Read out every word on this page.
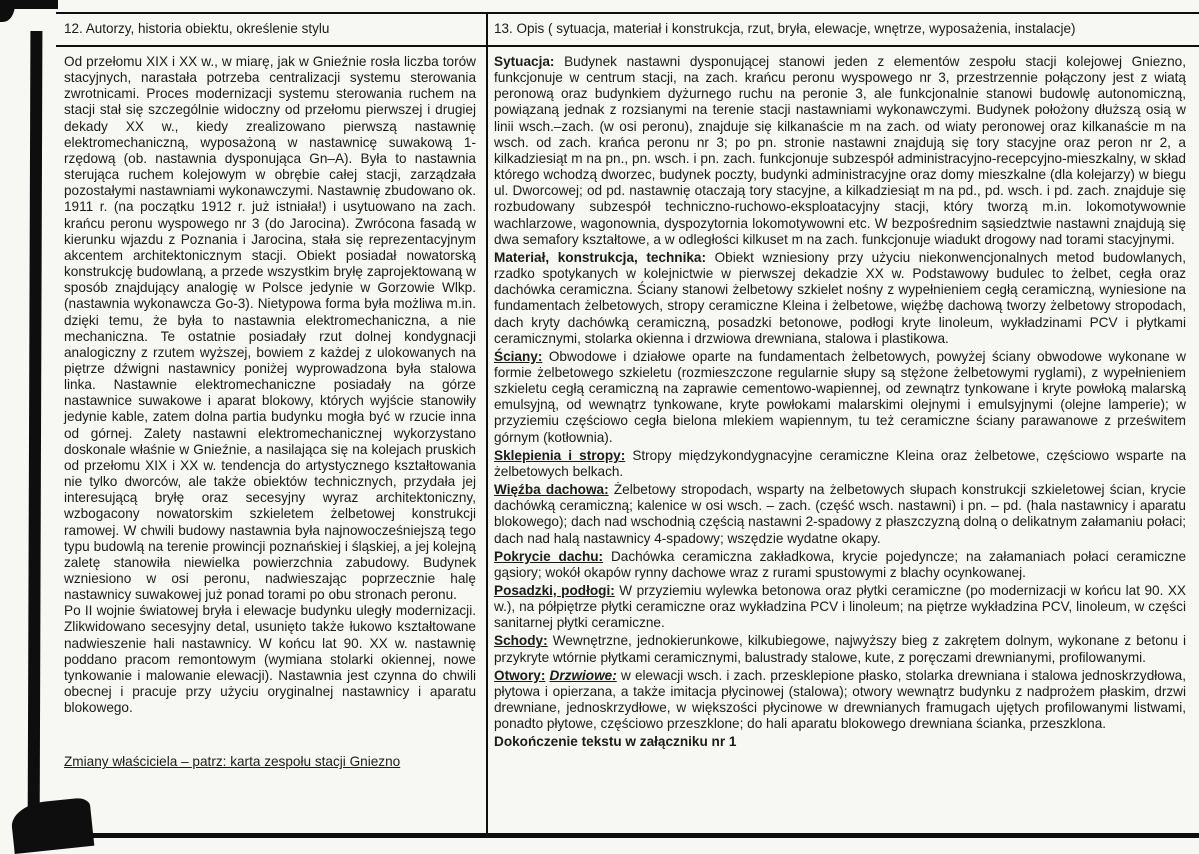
12. Autorzy, historia obiektu, określenie stylu	13. Opis ( sytuacja, materiał i konstrukcja, rzut, bryła, elewacje, wnętrze, wyposażenia, instalacje)

Od przełomu XIX i XX w., w miarę, jak w Gnieźnie rosła liczba torów stacyjnych, narastała potrzeba centralizacji systemu sterowania zwrotnicami. Proces modernizacji systemu sterowania ruchem na stacji stał się szczególnie widoczny od przełomu pierwszej i drugiej dekady XX w., kiedy zrealizowano pierwszą nastawnię elektromechaniczną, wyposażoną w nastawnicę suwakową 1-rzędową (ob. nastawnia dysponująca Gn–A). Była to nastawnia sterująca ruchem kolejowym w obrębie całej stacji, zarządzała pozostałymi nastawniami wykonawczymi. Nastawnię zbudowano ok. 1911 r. (na początku 1912 r. już istniała!) i usytuowano na zach. krańcu peronu wyspowego nr 3 (do Jarocina). Zwrócona fasadą w kierunku wjazdu z Poznania i Jarocina, stała się reprezentacyjnym akcentem architektonicznym stacji. Obiekt posiadał nowatorską konstrukcję budowlaną, a przede wszystkim bryłę zaprojektowaną w sposób znajdujący analogię w Polsce jedynie w Gorzowie Wlkp. (nastawnia wykonawcza Go-3). Nietypowa forma była możliwa m.in. dzięki temu, że była to nastawnia elektromechaniczna, a nie mechaniczna. Te ostatnie posiadały rzut dolnej kondygnacji analogiczny z rzutem wyższej, bowiem z każdej z ulokowanych na piętrze dźwigni nastawnicy poniżej wyprowadzona była stalowa linka. Nastawnie elektromechaniczne posiadały na górze nastawnice suwakowe i aparat blokowy, których wyjście stanowiły jedynie kable, zatem dolna partia budynku mogła być w rzucie inna od górnej. Zalety nastawni elektromechanicznej wykorzystano doskonale właśnie w Gnieźnie, a nasilająca się na kolejach pruskich od przełomu XIX i XX w. tendencja do artystycznego kształtowania nie tylko dworców, ale także obiektów technicznych, przydała jej interesującą bryłę oraz secesyjny wyraz architektoniczny, wzbogacony nowatorskim szkieletem żelbetowej konstrukcji ramowej. W chwili budowy nastawnia była najnowocześniejszą tego typu budowlą na terenie prowincji poznańskiej i śląskiej, a jej kolejną zaletę stanowiła niewielka powierzchnia zabudowy. Budynek wzniesiono w osi peronu, nadwieszając poprzecznie halę nastawnicy suwakowej już ponad torami po obu stronach peronu.

Po II wojnie światowej bryła i elewacje budynku uległy modernizacji. Zlikwidowano secesyjny detal, usunięto także łukowo kształtowane nadwieszenie hali nastawnicy. W końcu lat 90. XX w. nastawnię poddano pracom remontowym (wymiana stolarki okiennej, nowe tynkowanie i malowanie elewacji). Nastawnia jest czynna do chwili obecnej i pracuje przy użyciu oryginalnej nastawnicy i aparatu blokowego.

Zmiany właściciela – patrz: karta zespołu stacji Gniezno

Sytuacja: Budynek nastawni dysponującej stanowi jeden z elementów zespołu stacji kolejowej Gniezno, funkcjonuje w centrum stacji, na zach. krańcu peronu wyspowego nr 3, przestrzennie połączony jest z wiatą peronową oraz budynkiem dyżurnego ruchu na peronie 3, ale funkcjonalnie stanowi budowlę autonomiczną, powiązaną jednak z rozsianymi na terenie stacji nastawniami wykonawczymi. Budynek położony dłuższą osią w linii wsch.–zach. (w osi peronu), znajduje się kilkanaście m na zach. od wiaty peronowej oraz kilkanaście m na wsch. od zach. krańca peronu nr 3; po pn. stronie nastawni znajdują się tory stacyjne oraz peron nr 2, a kilkadziesiąt m na pn., pn. wsch. i pn. zach. funkcjonuje subzespół administracyjno-recepcyjno-mieszkalny, w skład którego wchodzą dworzec, budynek poczty, budynki administracyjne oraz domy mieszkalne (dla kolejarzy) w biegu ul. Dworcowej; od pd. nastawnię otaczają tory stacyjne, a kilkadziesiąt m na pd., pd. wsch. i pd. zach. znajduje się rozbudowany subzespół techniczno-ruchowo-eksploatacyjny stacji, który tworzą m.in. lokomotywownie wachlarzowe, wagonownia, dyspozytornia lokomotywowni etc. W bezpośrednim sąsiedztwie nastawni znajdują się dwa semafory kształtowe, a w odległości kilkuset m na zach. funkcjonuje wiadukt drogowy nad torami stacyjnymi.

Materiał, konstrukcja, technika: Obiekt wzniesiony przy użyciu niekonwencjonalnych metod budowlanych, rzadko spotykanych w kolejnictwie w pierwszej dekadzie XX w. Podstawowy budulec to żelbet, cegła oraz dachówka ceramiczna. Ściany stanowi żelbetowy szkielet nośny z wypełnieniem cegłą ceramiczną, wyniesione na fundamentach żelbetowych, stropy ceramiczne Kleina i żelbetowe, więźbę dachową tworzy żelbetowy stropodach, dach kryty dachówką ceramiczną, posadzki betonowe, podłogi kryte linoleum, wykładzinami PCV i płytkami ceramicznymi, stolarka okienna i drzwiowa drewniana, stalowa i plastikowa.

Ściany: Obwodowe i działowe oparte na fundamentach żelbetowych, powyżej ściany obwodowe wykonane w formie żelbetowego szkieletu (rozmieszczone regularnie słupy są stężone żelbetowymi ryglami), z wypełnieniem szkieletu cegłą ceramiczną na zaprawie cementowo-wapiennej, od zewnątrz tynkowane i kryte powłoką malarską emulsyjną, od wewnątrz tynkowane, kryte powłokami malarskimi olejnymi i emulsyjnymi (olejne lamperie); w przyziemiu częściowo cegła bielona mlekiem wapiennym, tu też ceramiczne ściany parawanowe z prześwitem górnym (kotłownia).

Sklepienia i stropy: Stropy międzykondygnacyjne ceramiczne Kleina oraz żelbetowe, częściowo wsparte na żelbetowych belkach.

Więźba dachowa: Żelbetowy stropodach, wsparty na żelbetowych słupach konstrukcji szkieletowej ścian, krycie dachówką ceramiczną; kalenice w osi wsch. – zach. (część wsch. nastawni) i pn. – pd. (hala nastawnicy i aparatu blokowego); dach nad wschodnią częścią nastawni 2-spadowy z płaszczyzną dolną o delikatnym załamaniu połaci; dach nad halą nastawnicy 4-spadowy; wszędzie wydatne okapy.

Pokrycie dachu: Dachówka ceramiczna zakładkowa, krycie pojedyncze; na załamaniach połaci ceramiczne gąsiory; wokół okapów rynny dachowe wraz z rurami spustowymi z blachy ocynkowanej.

Posadzki, podłogi: W przyziemiu wylewka betonowa oraz płytki ceramiczne (po modernizacji w końcu lat 90. XX w.), na półpiętrze płytki ceramiczne oraz wykładzina PCV i linoleum; na piętrze wykładzina PCV, linoleum, w części sanitarnej płytki ceramiczne.

Schody: Wewnętrzne, jednokierunkowe, kilkubiegowe, najwyższy bieg z zakrętem dolnym, wykonane z betonu i przykryte wtórnie płytkami ceramicznymi, balustrady stalowe, kute, z poręczami drewnianymi, profilowanymi.

Otwory: Drzwiowe: w elewacji wsch. i zach. przesklepione płasko, stolarka drewniana i stalowa jednoskrzydłowa, płytowa i opierzana, a także imitacja płycinowej (stalowa); otwory wewnątrz budynku z nadprożem płaskim, drzwi drewniane, jednoskrzydłowe, w większości płycinowe w drewnianych framugach ujętych profilowanymi listwami, ponadto płytowe, częściowo przeszklone; do hali aparatu blokowego drewniana ścianka, przeszklona.

Dokończenie tekstu w załączniku nr 1
